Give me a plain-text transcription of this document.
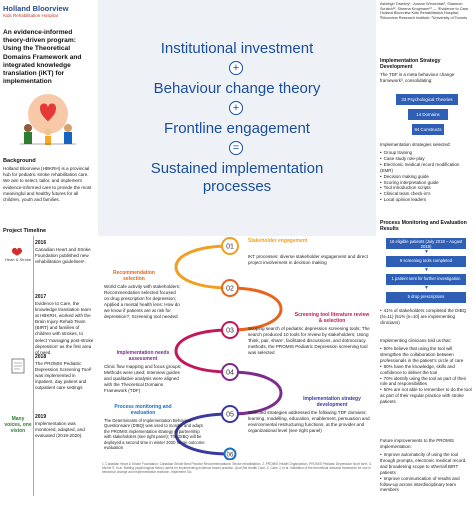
Holland Bloorview
Kids Rehabilitation Hospital
An evidence-informed theory-driven program: Using the Theoretical Domains Framework and integrated knowledge translation (iKT) for implementation
Background
Holland Bloorview (HBKRH) is a provincial hub for pediatric stroke rehabilitation care. We aim to select, tailor, and implement evidence-informed care to provide the most meaningful and healthy futures for all children, youth and families.
Project Timeline
Heart & Stroke
2016
Canadian Heart and Stroke Foundation published new rehabilitation guidelines¹.
2017
Evidence to Care, the knowledge translation team at HBKRH, worked with the Brain Injury Rehab Team (BIRT) and families of children with strokes, to select 'managing post-stroke depression' as the first area of need.
2018
The PROMIS Pediatric Depression Screening Tool² was implemented in inpatient, day patient and outpatient care settings
Many voices, one vision
2019
Implementation was monitored, adapted, and evaluated (2019-2020).
Institutional investment
+
Behaviour change theory
+
Frontline engagement
=
Sustained implementation processes
01
02
03
04
05
06
Stakeholder engagement
IKT processes: diverse stakeholder engagement and direct project involvement in decision making
Recommendation selection
World Cafe activity with stakeholders; Recommendation selected focused on drug prescription for depression; Applied a mental health lens: How do we know if patients are at risk for depression?; Screening tool needed	Screening tool literature review & selection
Scoping search of pediatric depression screening tools; The search produced 10 tools for review by stakeholders; Using 'think, pair, share', facilitated discussions, and dotmocracy methods, the PROMIS Pediatric Depression screening tool was selected
Implementation needs assessment
Clinic flow mapping and focus groups; Methods were used; Interview guides and qualitative analysis were aligned with the Theoretical Domains Framework (TDF)
Implementation strategy development
Selected strategies addressed the following TDF domains: learning, modelling, education, enablement, persuasion and environmental restructuring functions, at the provider and organizational level (see right panel)
Process monitoring and evaluation
The Determinants of Implementation Behaviour Questionnaire (DIBQ) was used to monitor and adapt the PROMIS implementation strategy in partnership with stakeholders (see right panel); The DIBQ will be deployed a second time in winter 2020 for an outcome evaluation
1. Canadian Heart & Stroke Foundation. Canadian Stroke Best Practice Recommendations: Stroke rehabilitation. 2. PROMIS Health Organization. PROMIS Pediatric Depression short form. 3. Michie S, et al. Making psychological theory useful for implementing evidence based practice. Qual Saf Health Care. 4. Cane J, et al. Validation of the theoretical domains framework for use in behaviour change and implementation research. Implement Sci.
Ashleigh Townley¹, Joanne Wincentak¹, Shannon Scratch¹², Sheena Krogmann¹³ — ¹Evidence to Care, Holland Bloorview Kids Rehabilitation Hospital; ²Bloorview Research Institute; ³University of Toronto
Implementation Strategy Development
The TDF is a meta behaviour change framework³, consolidating:
33 Psychological Theories
14 Domains
84 Constructs
Implementation strategies selected:
• Group training
• Case study role-play
• Electronic medical record modification (EMR)
• Decision making guide
• Scoring interpretation guide
• Tool introduction scripts
• Clinical team check-in's
• Local opinion leaders
Process Monitoring and Evaluation Results
16 eligible patients (July 2018 – August 2019)
▼
9 screening tools completed
▼
1 patient sent for further investigation
▼
5 drop prescriptions
• 41% of stakeholders completed the DIBQ (N=11) (51% [n=10] are implementing clinicians)
Implementing clinicians told us that:
• 90% believe that using the tool will strengthen the collaboration between professionals in the patient's circle of care
• 80% have the knowledge, skills and confidence to deliver the tool
• 70% identify using the tool as part of their role and responsibilities
• 50% are not able to remember to do the tool as part of their regular practice with stroke patients
Future improvements to the PROMIS implementation:
• Improve automaticity of using the tool through prompts, electronic medical record, and broadening scope to other/all BIRT patients
• Improve communication of results and follow-up across interdisciplinary team members
